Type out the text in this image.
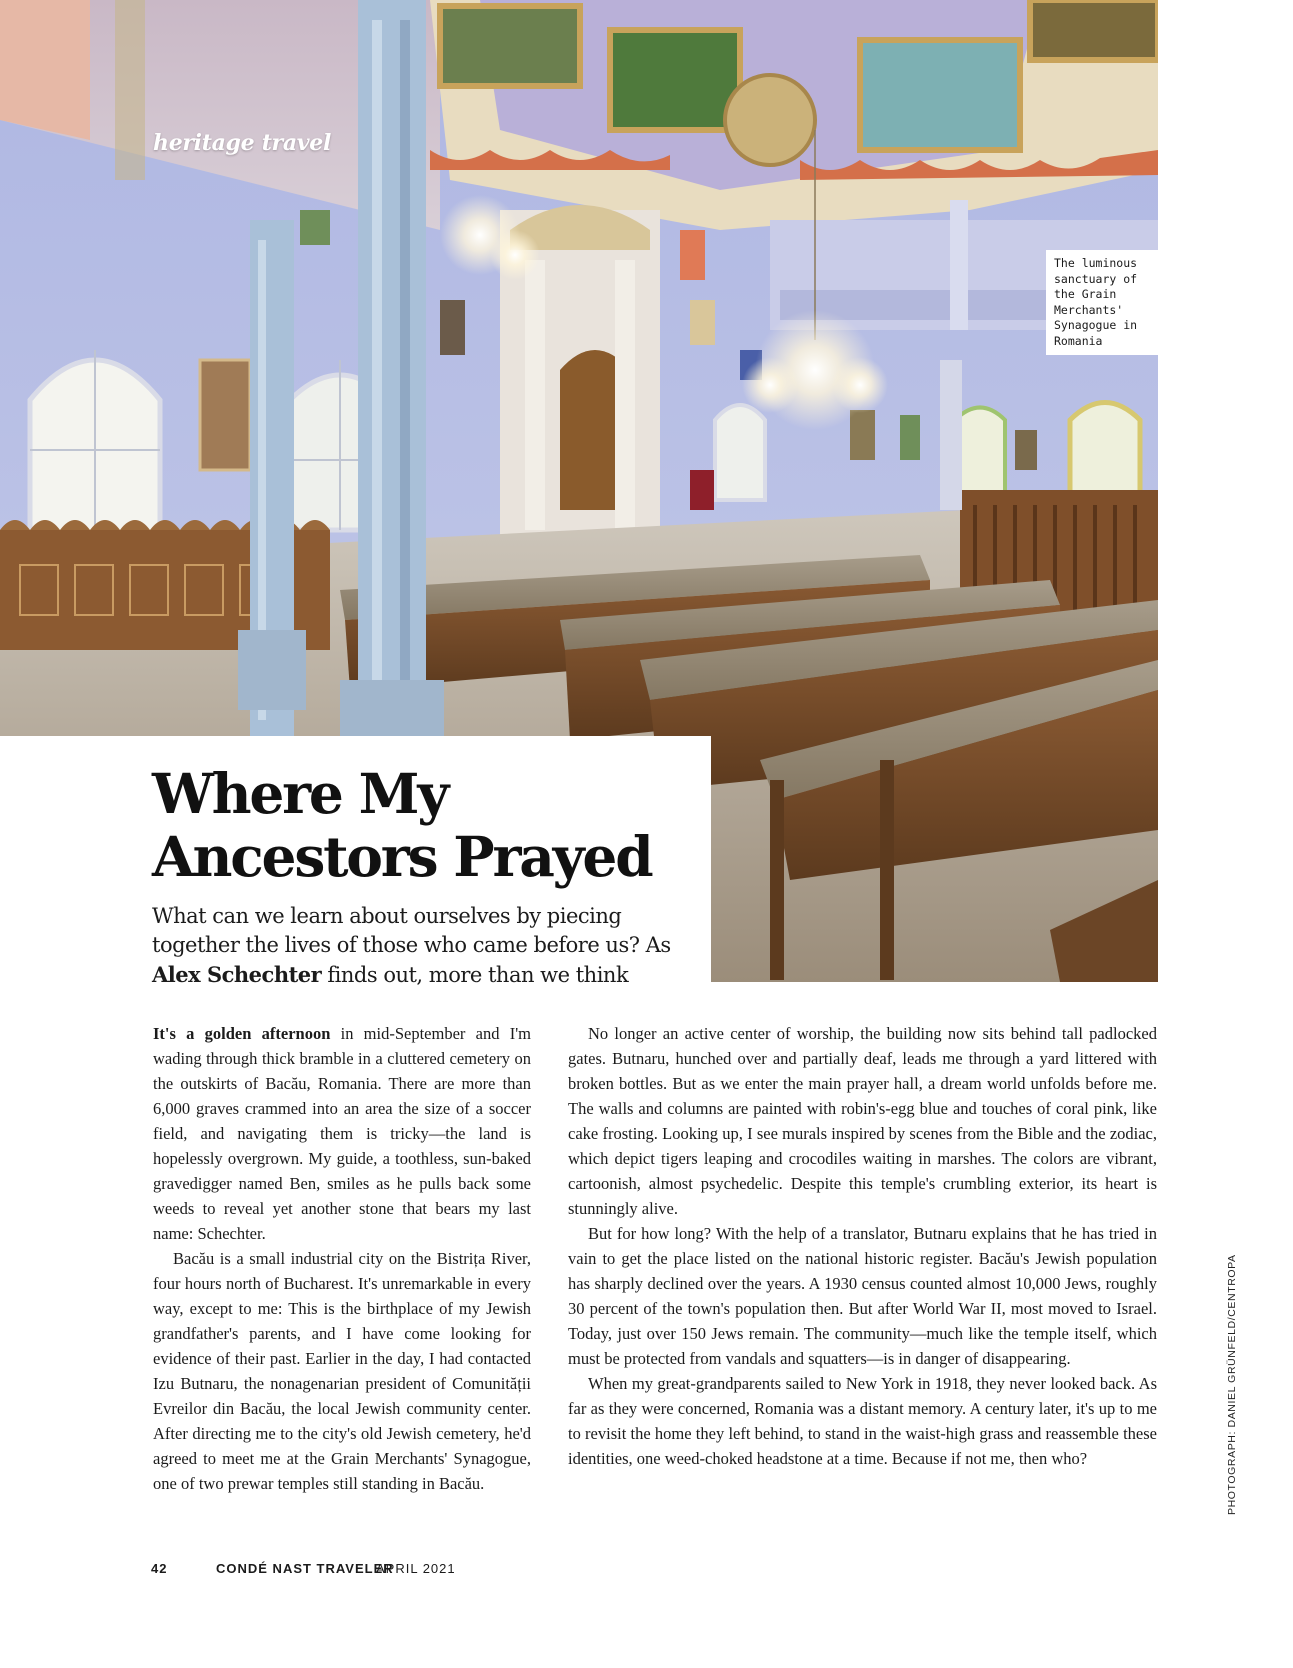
heritage travel
The luminous sanctuary of the Grain Merchants' Synagogue in Romania
Where My
Ancestors Prayed

What can we learn about ourselves by piecing together the lives of those who came before us? As Alex Schechter finds out, more than we think

It's a golden afternoon in mid-September and I'm wading through thick bramble in a cluttered cemetery on the outskirts of Bacău, Romania. There are more than 6,000 graves crammed into an area the size of a soccer field, and navigating them is tricky—the land is hopelessly overgrown. My guide, a toothless, sun-baked gravedigger named Ben, smiles as he pulls back some weeds to reveal yet another stone that bears my last name: Schechter.

Bacău is a small industrial city on the Bistrița River, four hours north of Bucharest. It's unremarkable in every way, except to me: This is the birthplace of my Jewish grandfather's parents, and I have come looking for evidence of their past. Earlier in the day, I had contacted Izu Butnaru, the nonagenarian president of Comunității Evreilor din Bacău, the local Jewish community center. After directing me to the city's old Jewish cemetery, he'd agreed to meet me at the Grain Merchants' Synagogue, one of two prewar temples still standing in Bacău.

No longer an active center of worship, the building now sits behind tall padlocked gates. Butnaru, hunched over and partially deaf, leads me through a yard littered with broken bottles. But as we enter the main prayer hall, a dream world unfolds before me. The walls and columns are painted with robin's-egg blue and touches of coral pink, like cake frosting. Looking up, I see murals inspired by scenes from the Bible and the zodiac, which depict tigers leaping and crocodiles waiting in marshes. The colors are vibrant, cartoonish, almost psychedelic. Despite this temple's crumbling exterior, its heart is stunningly alive.

But for how long? With the help of a translator, Butnaru explains that he has tried in vain to get the place listed on the national historic register. Bacău's Jewish population has sharply declined over the years. A 1930 census counted almost 10,000 Jews, roughly 30 percent of the town's population then. But after World War II, most moved to Israel. Today, just over 150 Jews remain. The community—much like the temple itself, which must be protected from vandals and squatters—is in danger of disappearing.

When my great-grandparents sailed to New York in 1918, they never looked back. As far as they were concerned, Romania was a distant memory. A century later, it's up to me to revisit the home they left behind, to stand in the waist-high grass and reassemble these identities, one weed-choked headstone at a time. Because if not me, then who?	PHOTOGRAPH: DANIEL GRÜNFELD/CENTROPA
42	CONDÉ NAST TRAVELER
APRIL 2021
